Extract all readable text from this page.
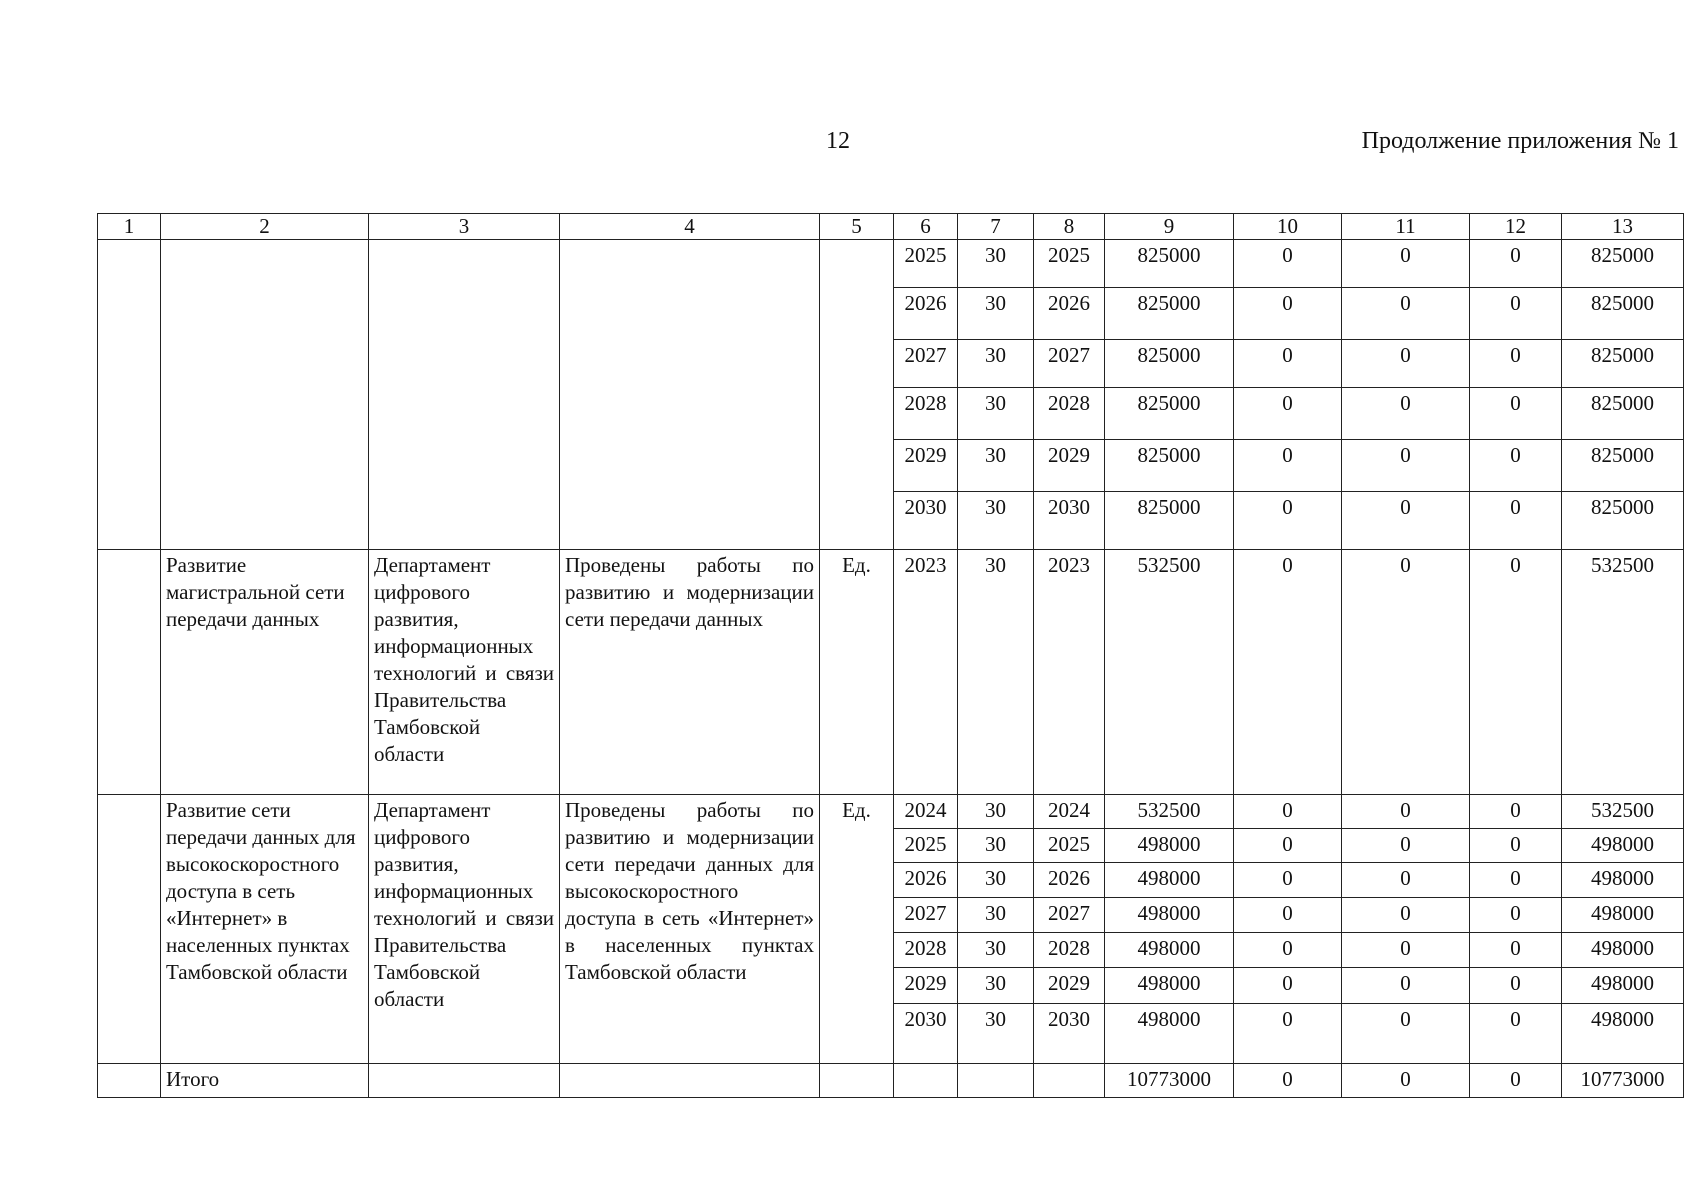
12	Продолжение приложения № 1
1	2	3	4	5	6	7	8	9	10	11	12	13
					2025	30	2025	825000	0	0	0	825000
					2026	30	2026	825000	0	0	0	825000
					2027	30	2027	825000	0	0	0	825000
					2028	30	2028	825000	0	0	0	825000
					2029	30	2029	825000	0	0	0	825000
					2030	30	2030	825000	0	0	0	825000
	Развитие магистральной сети передачи данных	Департамент цифрового развития, информационных технологий и связи Правительства Тамбовской области	Проведены работы по развитию и модернизации сети передачи данных	Ед.	2023	30	2023	532500	0	0	0	532500
	Развитие сети передачи данных для высокоскоростного доступа в сеть «Интернет» в населенных пунктах Тамбовской области	Департамент цифрового развития, информационных технологий и связи Правительства Тамбовской области	Проведены работы по развитию и модернизации сети передачи данных для высокоскоростного доступа в сеть «Интернет» в населенных пунктах Тамбовской области	Ед.	2024	30	2024	532500	0	0	0	532500
					2025	30	2025	498000	0	0	0	498000
					2026	30	2026	498000	0	0	0	498000
					2027	30	2027	498000	0	0	0	498000
					2028	30	2028	498000	0	0	0	498000
					2029	30	2029	498000	0	0	0	498000
					2030	30	2030	498000	0	0	0	498000
	Итого							10773000	0	0	0	10773000
